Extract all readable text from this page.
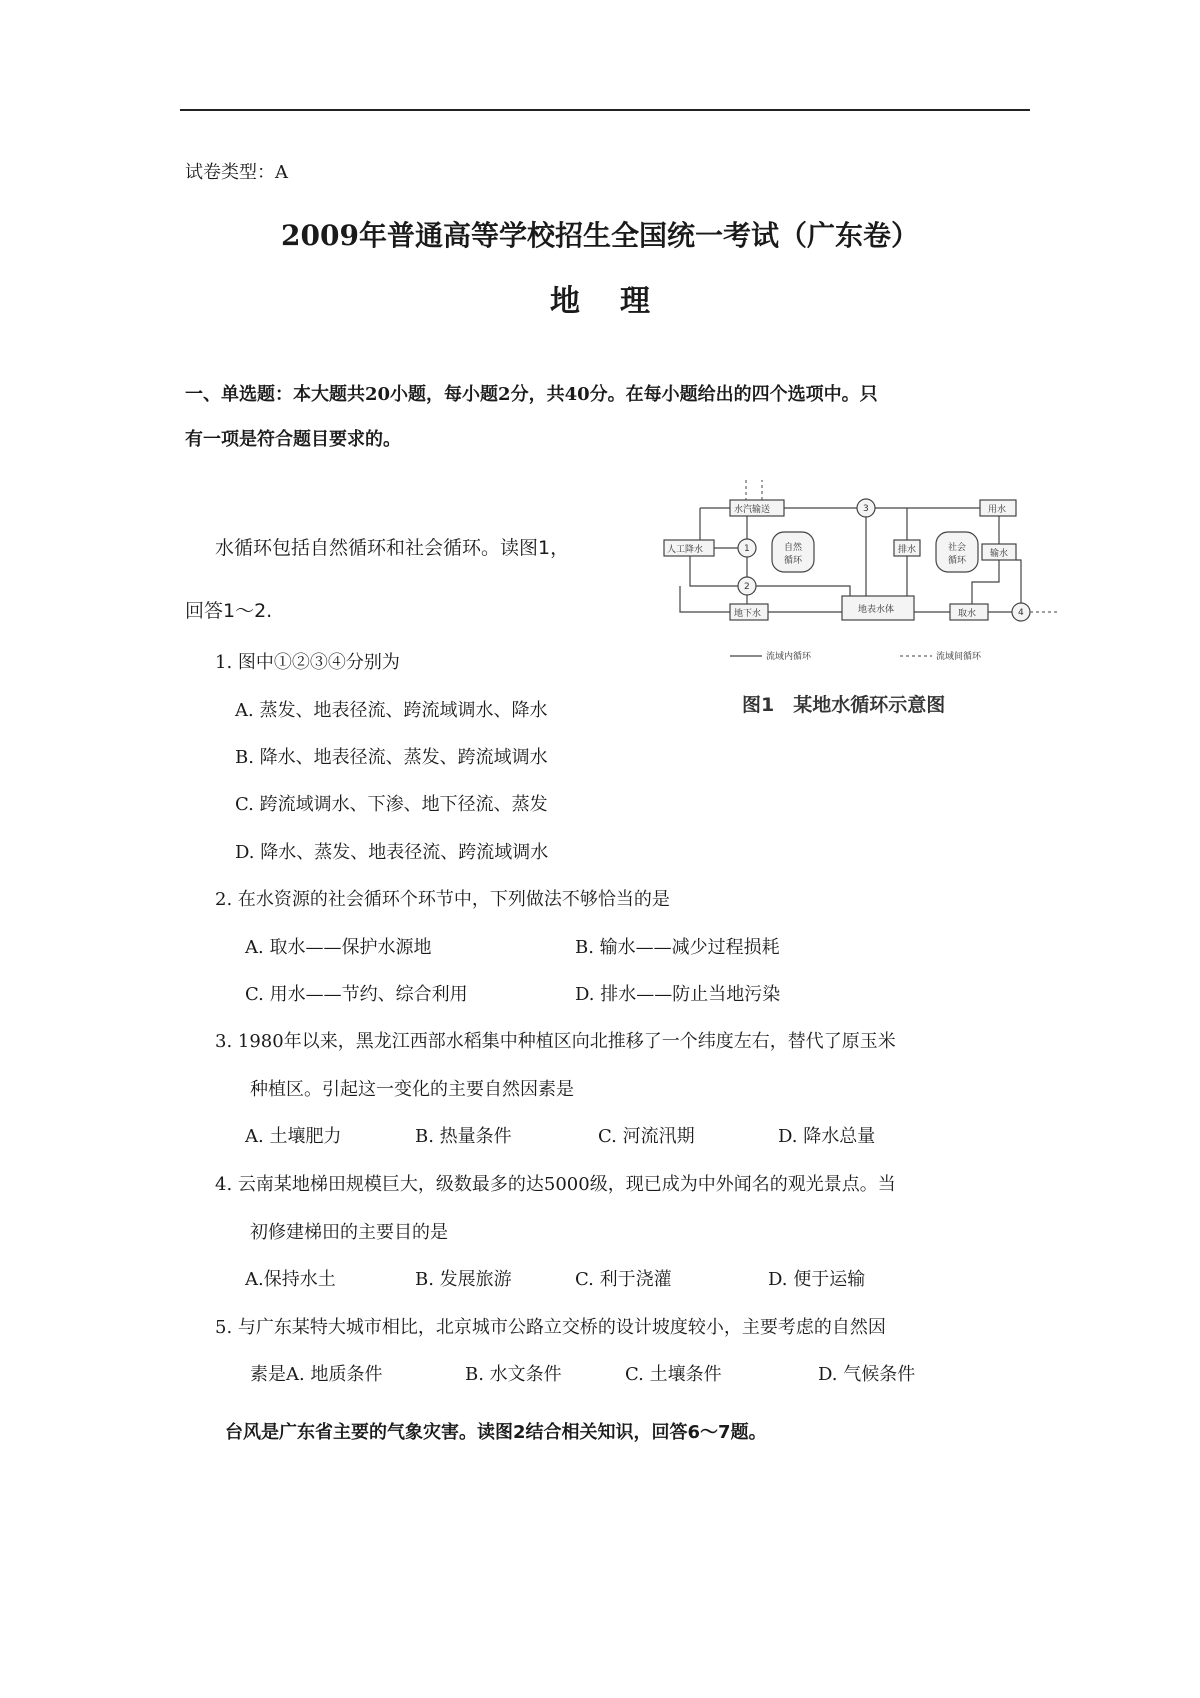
试卷类型：A
2009年普通高等学校招生全国统一考试（广东卷）
地理
一、单选题：本大题共20小题，每小题2分，共40分。在每小题给出的四个选项中。只
有一项是符合题目要求的。
水循环包括自然循环和社会循环。读图1，
回答1～2.
水汽输送	3	用水
人工降水	1
2
自然
循环
地下水	地表水体
排水	社会
循环
输水
取水	4
流域内循环	流域间循环
图1　某地水循环示意图
1. 图中①②③④分别为
A. 蒸发、地表径流、跨流域调水、降水
B. 降水、地表径流、蒸发、跨流域调水
C. 跨流域调水、下渗、地下径流、蒸发
D. 降水、蒸发、地表径流、跨流域调水
2. 在水资源的社会循环个环节中，下列做法不够恰当的是
A. 取水——保护水源地	B. 输水——减少过程损耗
C. 用水——节约、综合利用	D. 排水——防止当地污染
3. 1980年以来，黑龙江西部水稻集中种植区向北推移了一个纬度左右，替代了原玉米
种植区。引起这一变化的主要自然因素是
A. 土壤肥力	B. 热量条件	C. 河流汛期	D. 降水总量
4. 云南某地梯田规模巨大，级数最多的达5000级，现已成为中外闻名的观光景点。当
初修建梯田的主要目的是
A.保持水土	B. 发展旅游	C. 利于浇灌	D. 便于运输
5. 与广东某特大城市相比，北京城市公路立交桥的设计坡度较小，主要考虑的自然因
素是A. 地质条件	B. 水文条件	C. 土壤条件	D. 气候条件
台风是广东省主要的气象灾害。读图2结合相关知识，回答6～7题。
